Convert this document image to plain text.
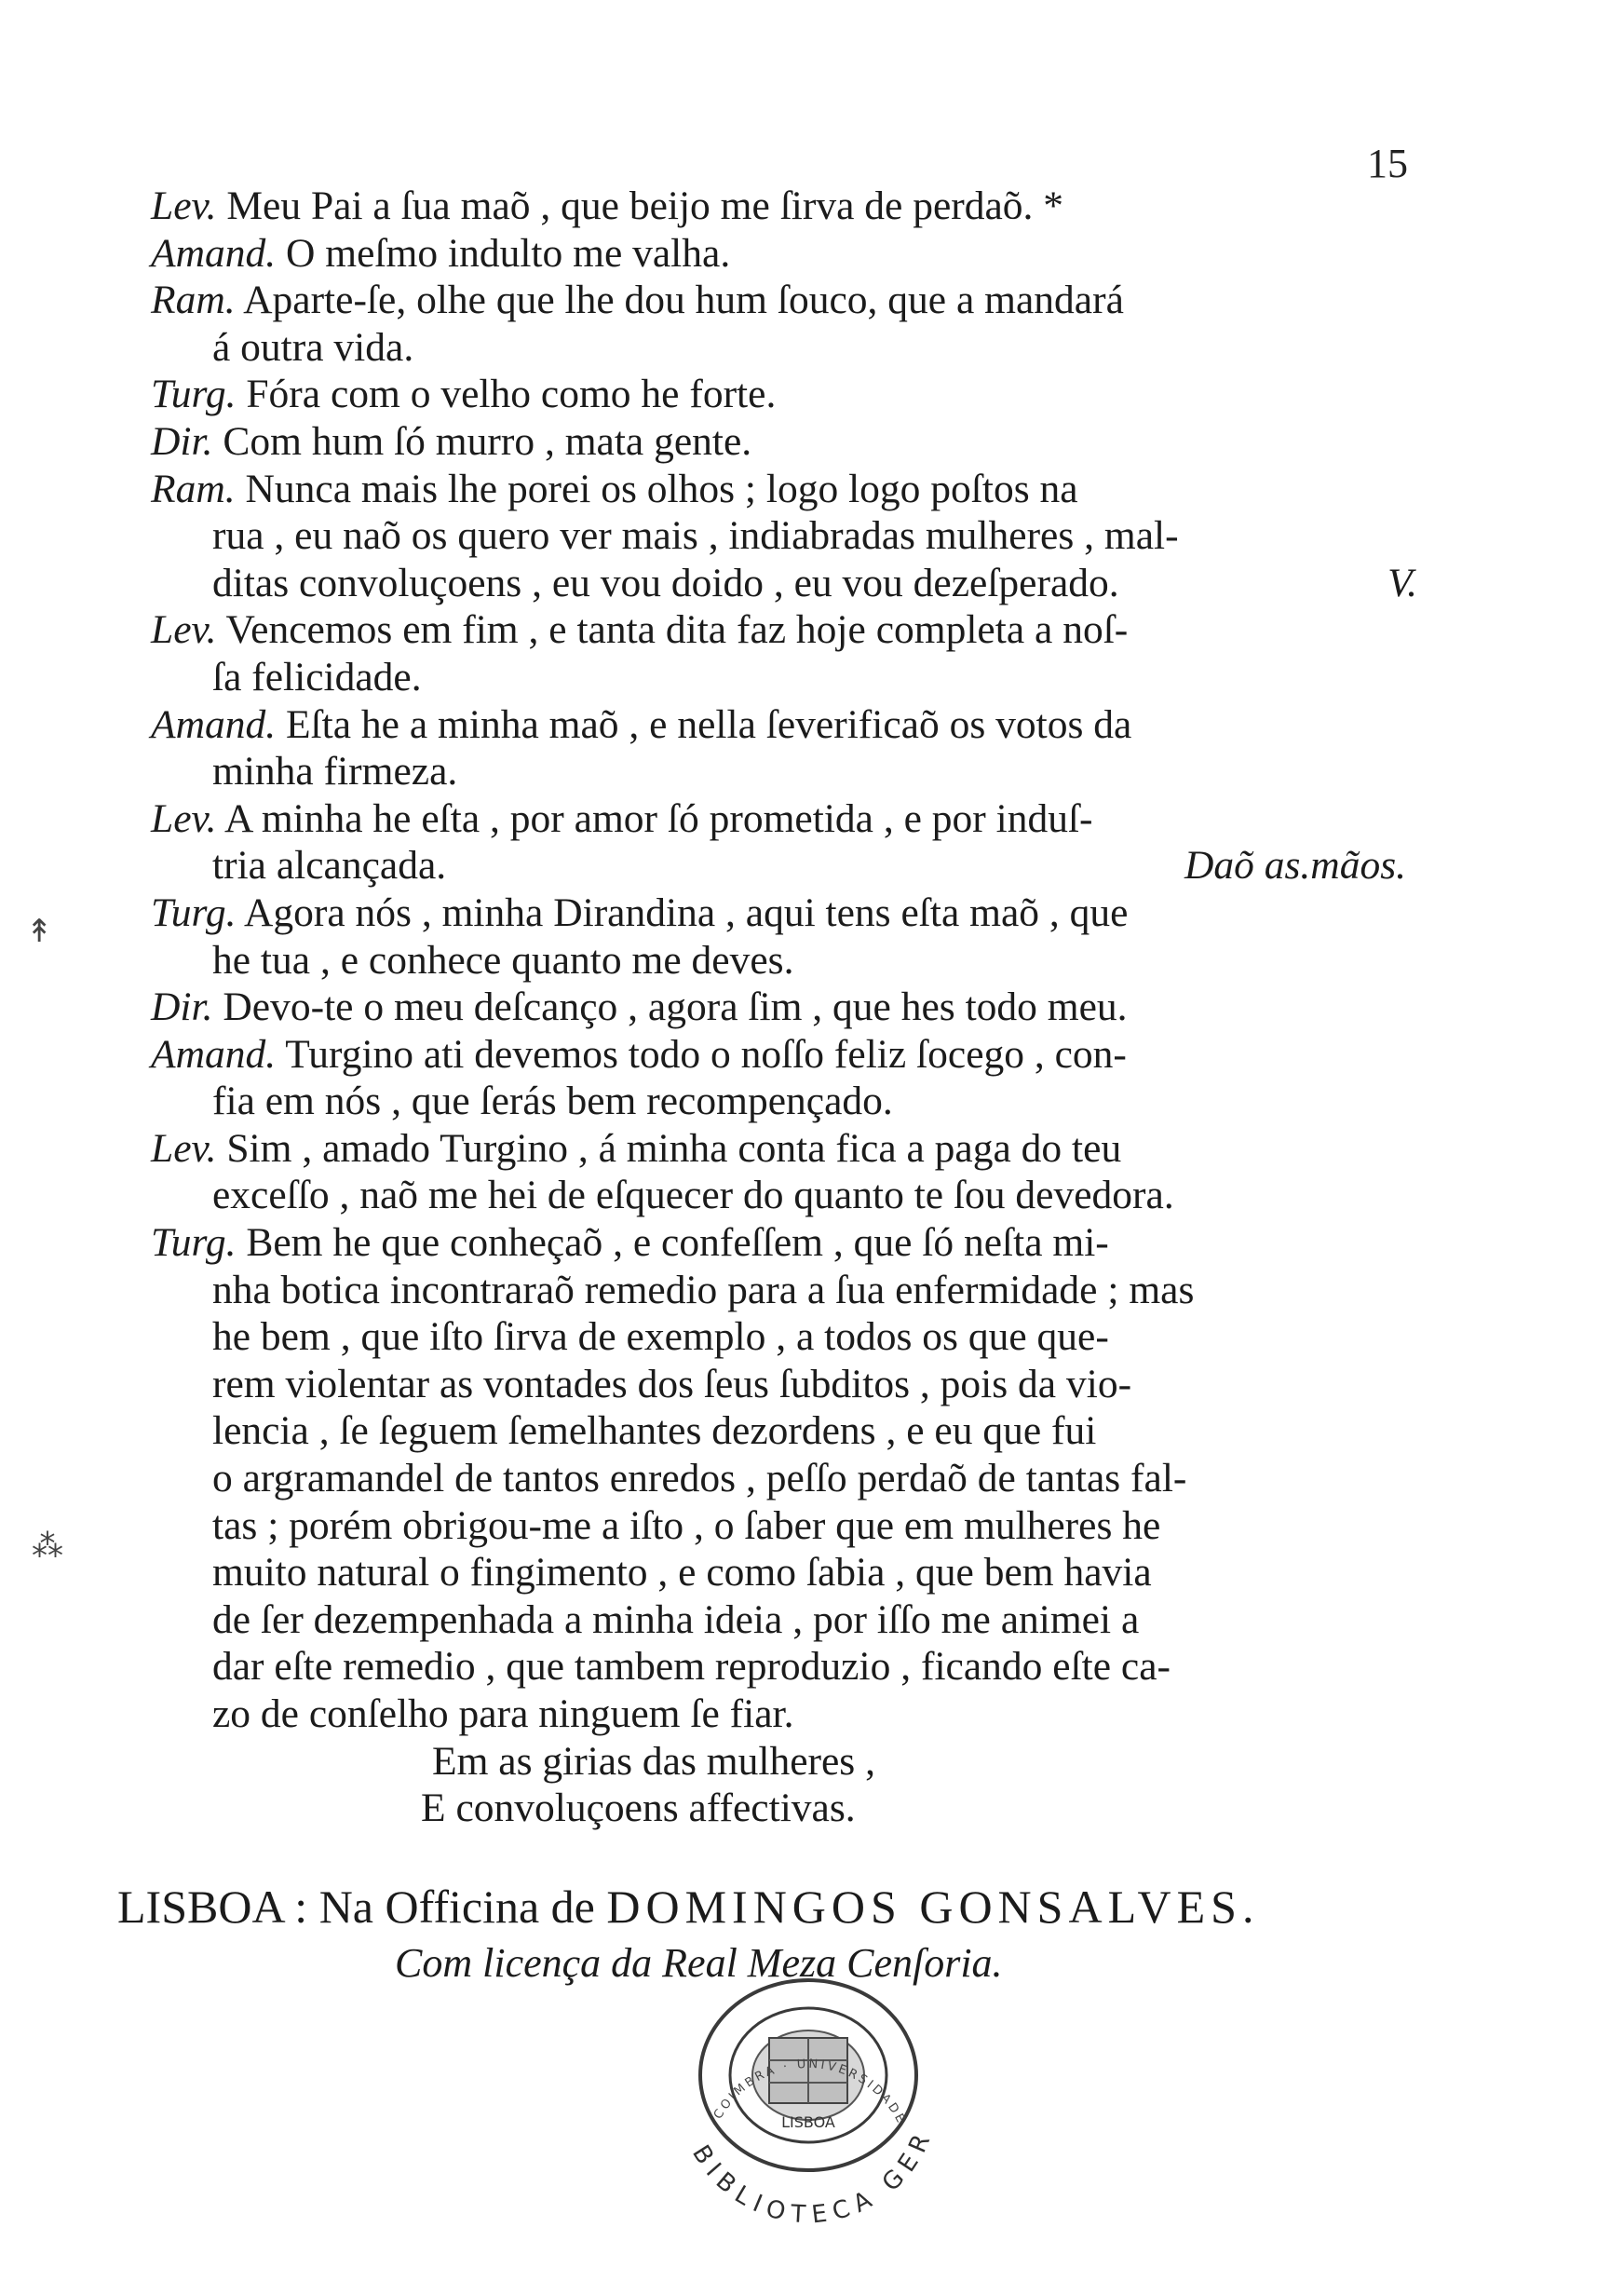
15
Lev. Meu Pai a ſua maõ , que beijo me ſirva de perdaõ. *
Amand. O meſmo indulto me valha.
Ram. Aparte-ſe, olhe que lhe dou hum ſouco, que a mandará
á outra vida.
Turg. Fóra com o velho como he forte.
Dir. Com hum ſó murro , mata gente.
Ram. Nunca mais lhe porei os olhos ; logo logo poſtos na
rua , eu naõ os quero ver mais , indiabradas mulheres , mal-
ditas convoluçoens , eu vou doido , eu vou dezeſperado.	V.
Lev. Vencemos em fim , e tanta dita faz hoje completa a noſ-
ſa felicidade.
Amand. Eſta he a minha maõ , e nella ſeverificaõ os votos da
minha firmeza.
Lev. A minha he eſta , por amor ſó prometida , e por induſ-
tria alcançada.	Daõ as.mãos.
Turg. Agora nós , minha Dirandina , aqui tens eſta maõ , que
he tua , e conhece quanto me deves.
Dir. Devo-te o meu deſcanço , agora ſim , que hes todo meu.
Amand. Turgino ati devemos todo o noſſo feliz ſocego , con-
fia em nós , que ſerás bem recompençado.
Lev. Sim , amado Turgino , á minha conta fica a paga do teu
exceſſo , naõ me hei de eſquecer do quanto te ſou devedora.
Turg. Bem he que conheçaõ , e confeſſem , que ſó neſta mi-
nha botica incontraraõ remedio para a ſua enfermidade ; mas
he bem , que iſto ſirva de exemplo , a todos os que que-
rem violentar as vontades dos ſeus ſubditos , pois da vio-
lencia , ſe ſeguem ſemelhantes dezordens , e eu que fui
o argramandel de tantos enredos , peſſo perdaõ de tantas fal-
tas ; porém obrigou-me a iſto , o ſaber que em mulheres he
muito natural o fingimento , e como ſabia , que bem havia
de ſer dezempenhada a minha ideia , por iſſo me animei a
dar eſte remedio , que tambem reproduzio , ficando eſte ca-
zo de conſelho para ninguem ſe fiar.
Em as girias das mulheres ,
E convoluçoens affectivas.
LISBOA : Na Officina de DOMINGOS GONSALVES.
Com licença da Real Meza Cenſoria.
LISBOA
COIMBRA · UNIVERSIDADE
BIBLIOTECA GER
↟
⁂
